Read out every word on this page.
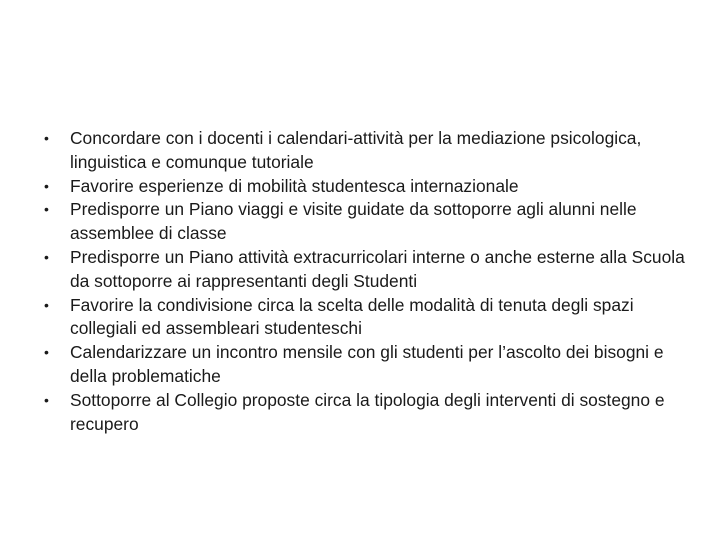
• Concordare con i docenti i calendari-attività per la mediazione psicologica, linguistica e comunque tutoriale
• Favorire esperienze di mobilità studentesca internazionale
• Predisporre un Piano viaggi e visite guidate da sottoporre agli alunni nelle assemblee di classe
• Predisporre un Piano attività extracurricolari interne o anche esterne alla Scuola da sottoporre ai rappresentanti degli Studenti
• Favorire la condivisione circa la scelta delle modalità di tenuta degli spazi collegiali ed assembleari studenteschi
• Calendarizzare un incontro mensile con gli studenti per l’ascolto dei bisogni e della problematiche
• Sottoporre al Collegio proposte circa la tipologia degli interventi di sostegno e recupero
